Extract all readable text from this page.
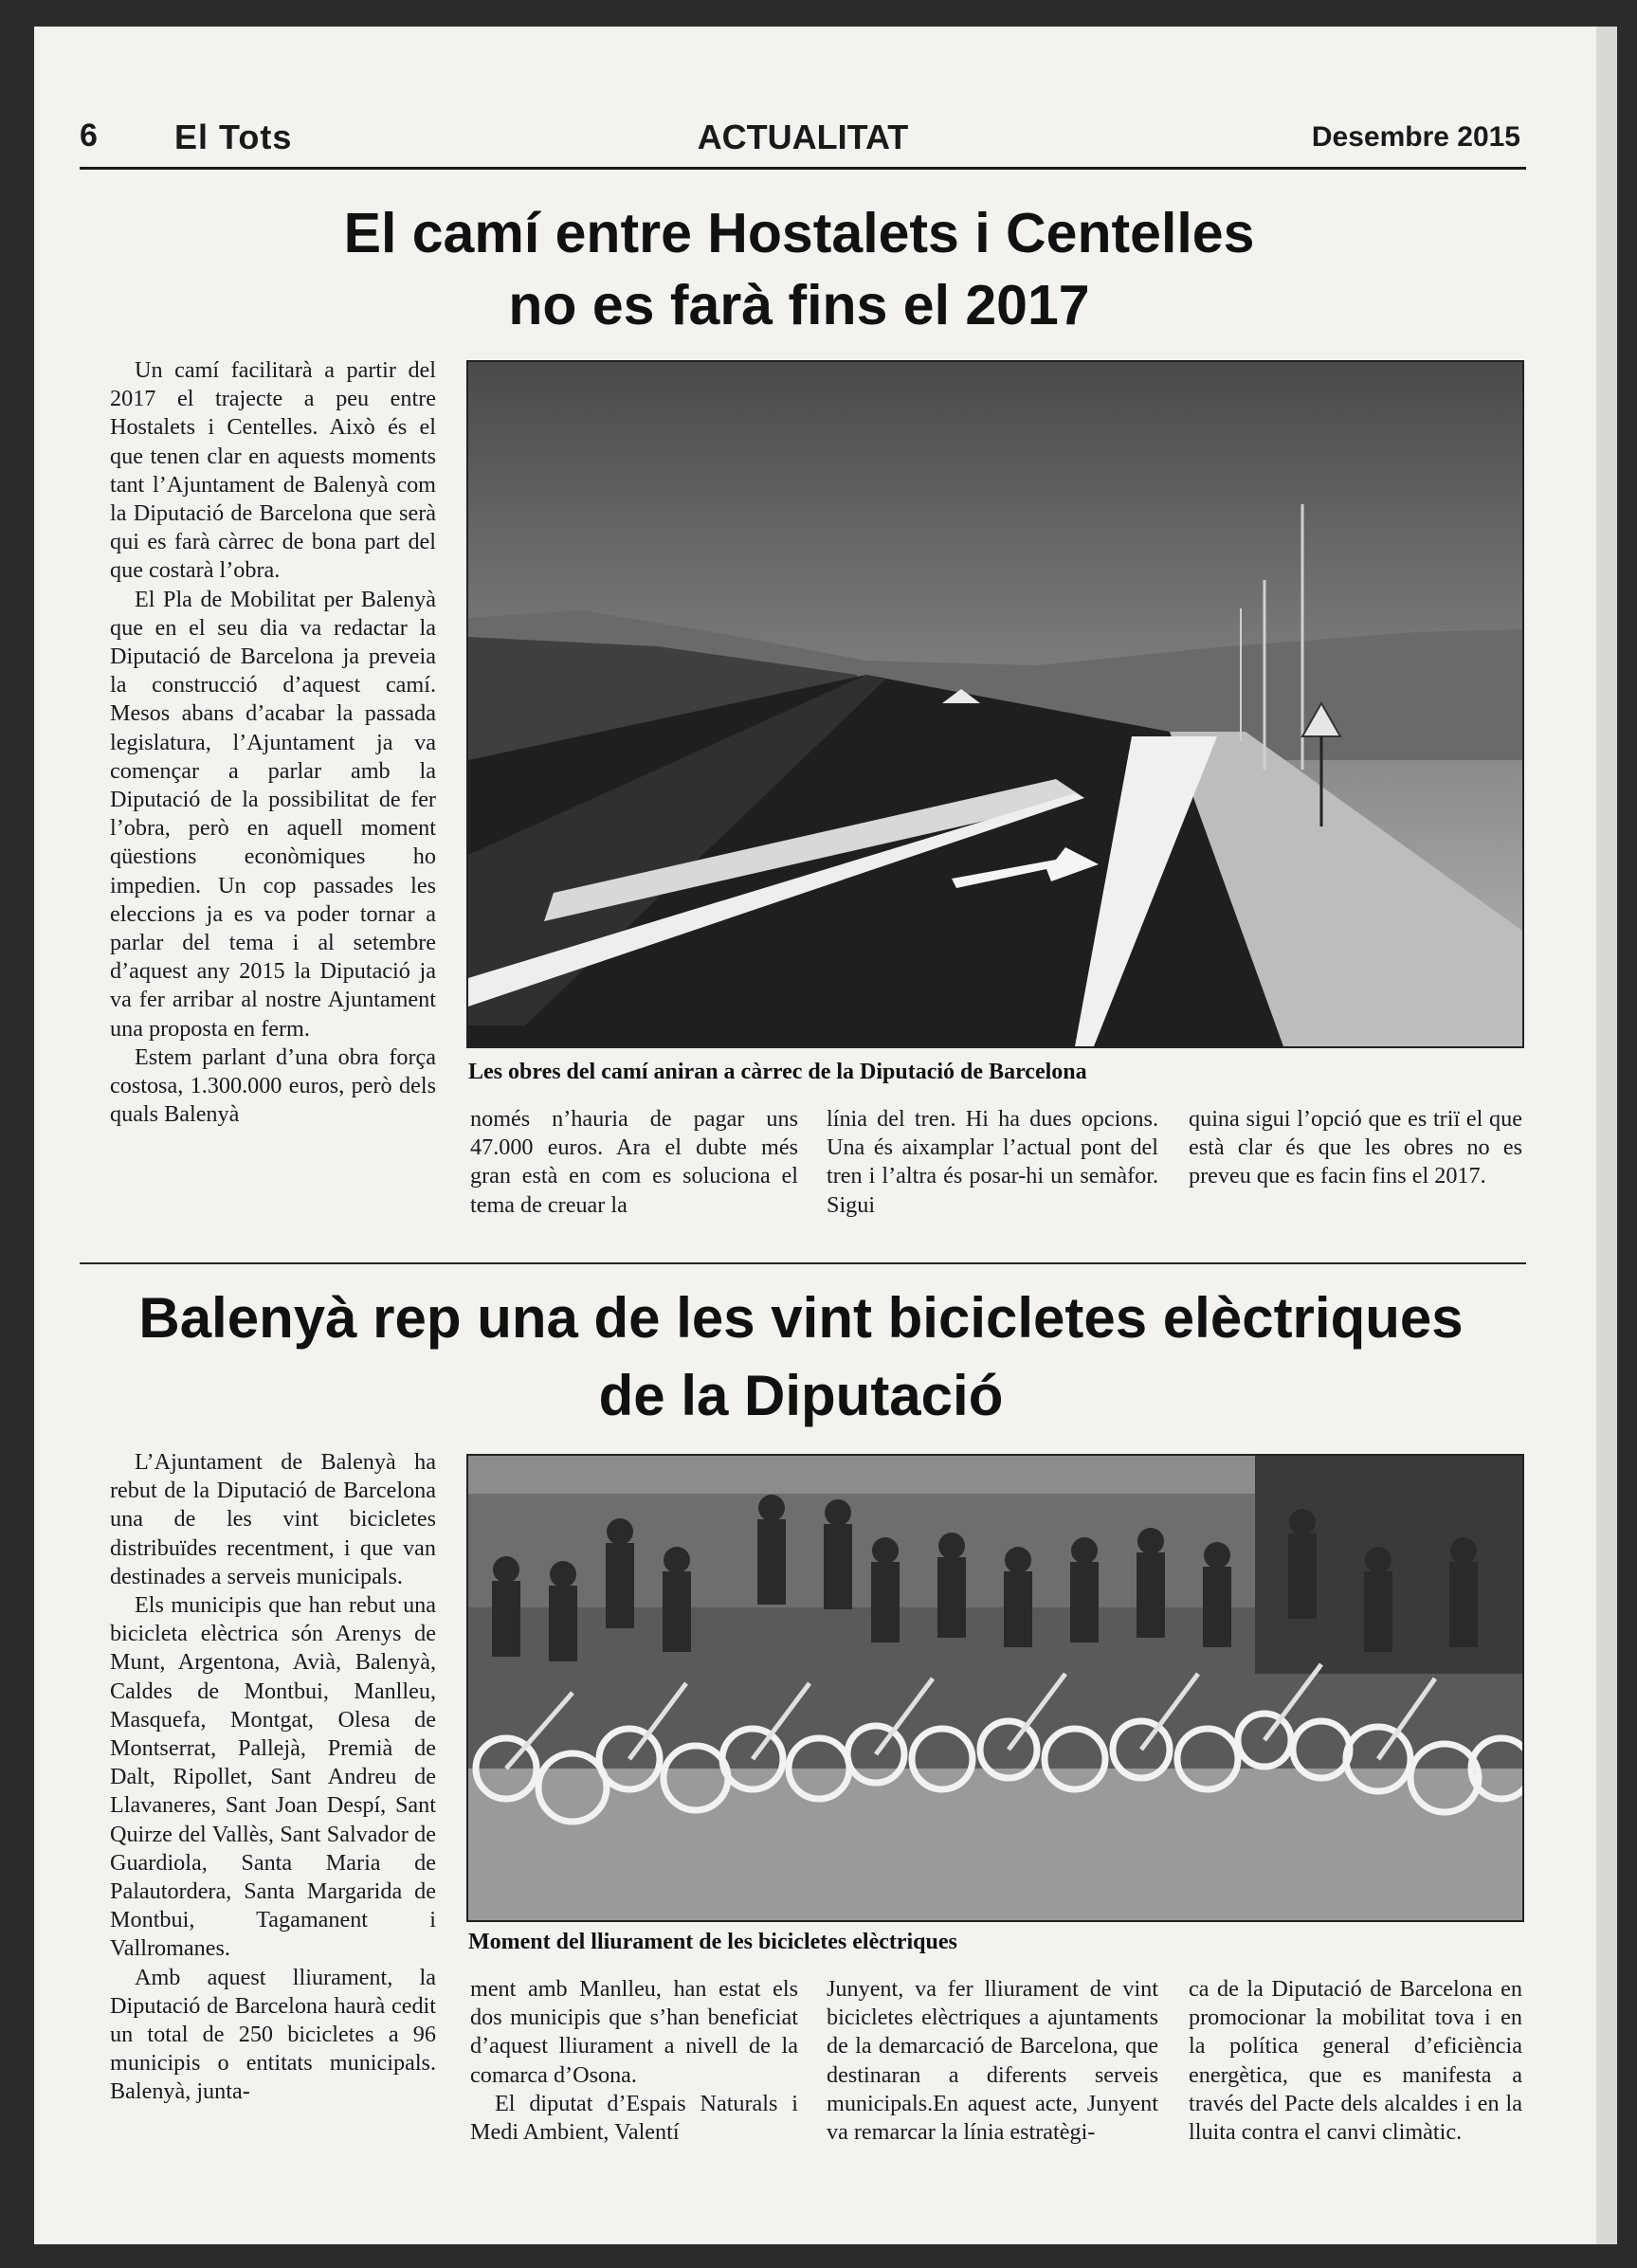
6 El Tots	ACTUALITAT	Desembre 2015
El camí entre Hostalets i Centelles
no es farà fins el 2017

Un camí facilitarà a partir del 2017 el trajecte a peu entre Hostalets i Centelles. Això és el que tenen clar en aquests moments tant l’Ajuntament de Balenyà com la Diputació de Barcelona que serà qui es farà càrrec de bona part del que costarà l’obra.

El Pla de Mobilitat per Balenyà que en el seu dia va redactar la Diputació de Barcelona ja preveia la construcció d’aquest camí. Mesos abans d’acabar la passada legislatura, l’Ajuntament ja va començar a parlar amb la Diputació de la possibilitat de fer l’obra, però en aquell moment qüestions econòmiques ho impedien. Un cop passades les eleccions ja es va poder tornar a parlar del tema i al setembre d’aquest any 2015 la Diputació ja va fer arribar al nostre Ajuntament una proposta en ferm.

Estem parlant d’una obra força costosa, 1.300.000 euros, però dels quals Balenyà

Les obres del camí aniran a càrrec de la Diputació de Barcelona

només n’hauria de pagar uns 47.000 euros. Ara el dubte més gran està en com es soluciona el tema de creuar la

línia del tren. Hi ha dues opcions. Una és aixamplar l’actual pont del tren i l’altra és posar-hi un semàfor. Sigui

quina sigui l’opció que es triï el que està clar és que les obres no es preveu que es facin fins el 2017.

Balenyà rep una de les vint bicicletes elèctriques
de la Diputació

L’Ajuntament de Balenyà ha rebut de la Diputació de Barcelona una de les vint bicicletes distribuïdes recentment, i que van destinades a serveis municipals.

Els municipis que han rebut una bicicleta elèctrica són Arenys de Munt, Argentona, Avià, Balenyà, Caldes de Montbui, Manlleu, Masquefa, Montgat, Olesa de Montserrat, Pallejà, Premià de Dalt, Ripollet, Sant Andreu de Llavaneres, Sant Joan Despí, Sant Quirze del Vallès, Sant Salvador de Guardiola, Santa Maria de Palautordera, Santa Margarida de Montbui, Tagamanent i Vallromanes.

Amb aquest lliurament, la Diputació de Barcelona haurà cedit un total de 250 bicicletes a 96 municipis o entitats municipals. Balenyà, junta-

Moment del lliurament de les bicicletes elèctriques

ment amb Manlleu, han estat els dos municipis que s’han beneficiat d’aquest lliurament a nivell de la comarca d’Osona.

El diputat d’Espais Naturals i Medi Ambient, Valentí

Junyent, va fer lliurament de vint bicicletes elèctriques a ajuntaments de la demarcació de Barcelona, que destinaran a diferents serveis municipals.En aquest acte, Junyent va remarcar la línia estratègi-

ca de la Diputació de Barcelona en promocionar la mobilitat tova i en la política general d’eficiència energètica, que es manifesta a través del Pacte dels alcaldes i en la lluita contra el canvi climàtic.
